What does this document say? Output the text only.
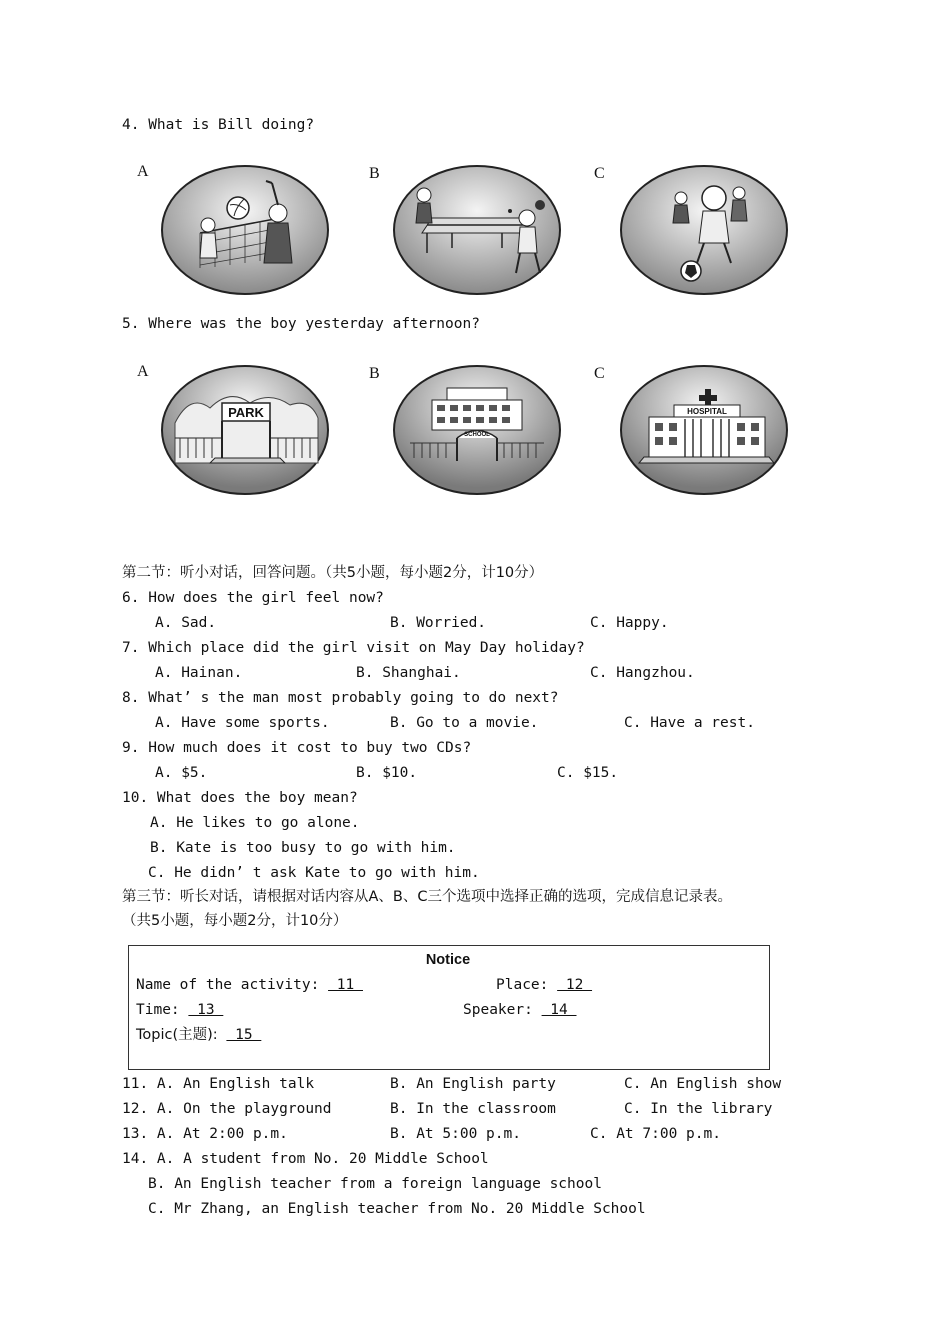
4. What is Bill doing?
A	B	C
5. Where was the boy yesterday afternoon?
A	B	C
PARK
SCHOOL
HOSPITAL
第二节：听小对话，回答问题。（共5小题，每小题2分，计10分）
6. How does the girl feel now?
A. Sad.	B. Worried.	C. Happy.
7. Which place did the girl visit on May Day holiday?
A. Hainan.	B. Shanghai.	C. Hangzhou.
8. What’ s the man most probably going to do next?
A. Have some sports.	B. Go to a movie.	C. Have a rest.
9. How much does it cost to buy two CDs?
A. $5.	B. $10.	C. $15.
10. What does the boy mean?
A. He likes to go alone.
B. Kate is too busy to go with him.
C. He didn’ t ask Kate to go with him.
第三节：听长对话，请根据对话内容从A、B、C三个选项中选择正确的选项，完成信息记录表。
（共5小题，每小题2分，计10分）
Notice
Name of the activity:  11	Place:  12
Time:  13	Speaker:  14
Topic(主题):  15
11. A. An English talk	B. An English party	C. An English show
12. A. On the playground	B. In the classroom	C. In the library
13. A. At 2:00 p.m.	B. At 5:00 p.m.	C. At 7:00 p.m.
14. A. A student from No. 20 Middle School
B. An English teacher from a foreign language school
C. Mr Zhang, an English teacher from No. 20 Middle School
